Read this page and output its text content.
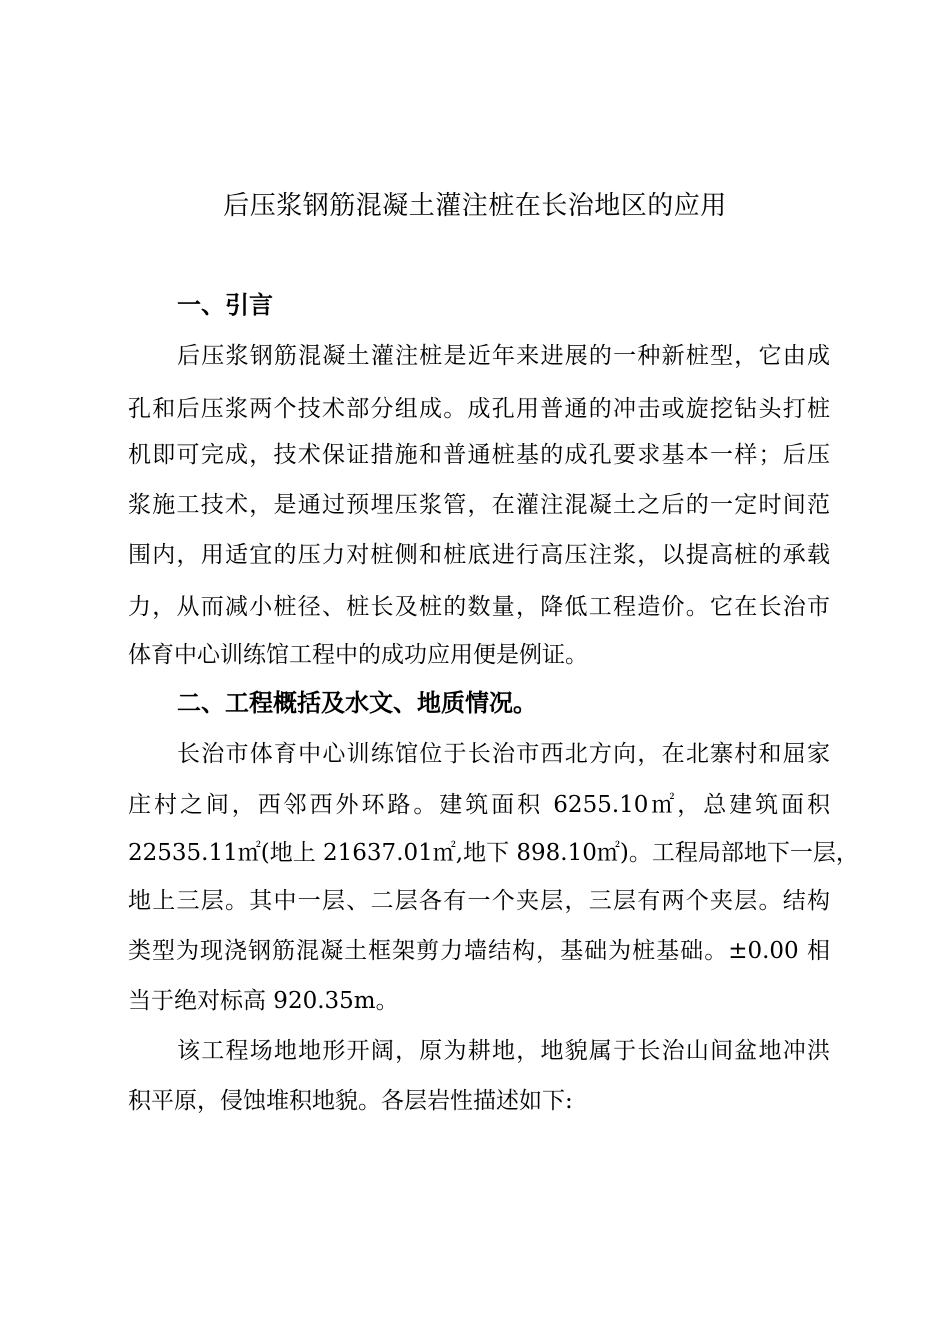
后压浆钢筋混凝土灌注桩在长治地区的应用
一、引言
后压浆钢筋混凝土灌注桩是近年来进展的一种新桩型，它由成
孔和后压浆两个技术部分组成。成孔用普通的冲击或旋挖钻头打桩
机即可完成，技术保证措施和普通桩基的成孔要求基本一样；后压
浆施工技术，是通过预埋压浆管，在灌注混凝土之后的一定时间范
围内，用适宜的压力对桩侧和桩底进行高压注浆，以提高桩的承载
力，从而减小桩径、桩长及桩的数量，降低工程造价。它在长治市
体育中心训练馆工程中的成功应用便是例证。
二、工程概括及水文、地质情况。
长治市体育中心训练馆位于长治市西北方向，在北寨村和屈家
庄村之间，西邻西外环路。建筑面积 6255.10㎡，总建筑面积
22535.11㎡(地上 21637.01㎡,地下 898.10㎡)。工程局部地下一层，
地上三层。其中一层、二层各有一个夹层，三层有两个夹层。结构
类型为现浇钢筋混凝土框架剪力墙结构，基础为桩基础。±0.00 相
当于绝对标高 920.35m。
该工程场地地形开阔，原为耕地，地貌属于长治山间盆地冲洪
积平原，侵蚀堆积地貌。各层岩性描述如下:
